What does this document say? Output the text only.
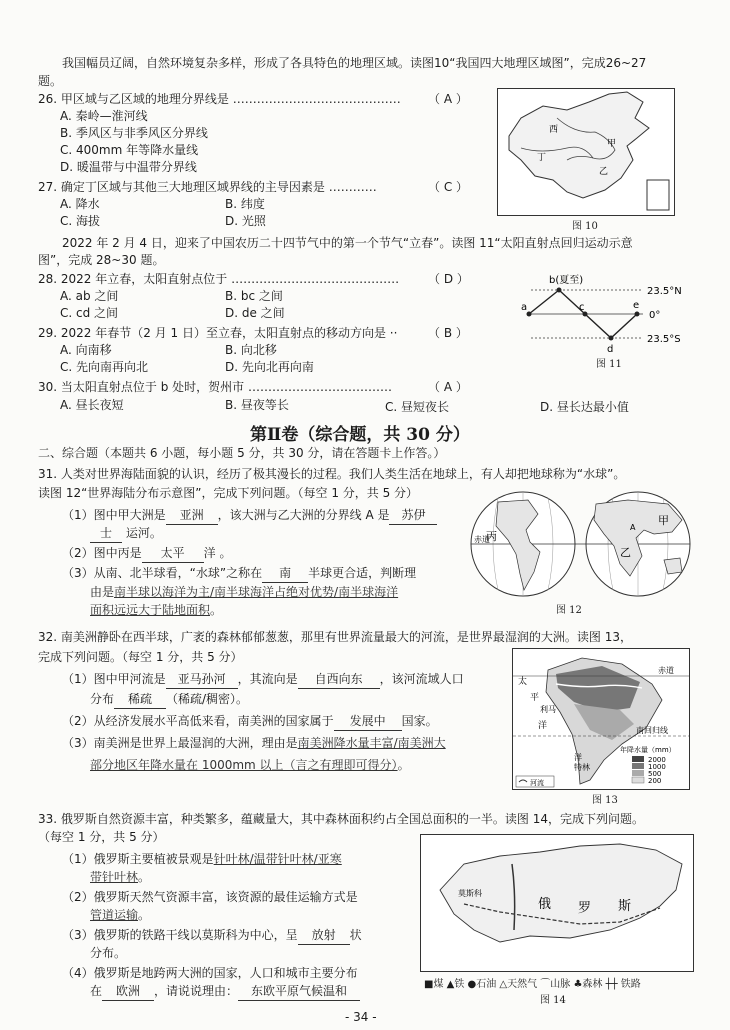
我国幅员辽阔，自然环境复杂多样，形成了各具特色的地理区域。读图10“我国四大地理区域图”，完成26~27
题。
26. 甲区域与乙区域的地理分界线是 …………………………………… （ A ）
A. 秦岭—淮河线
B. 季风区与非季风区分界线
C. 400mm 年等降水量线
D. 暖温带与中温带分界线
27. 确定丁区域与其他三大地理区域界线的主导因素是 …………	（ C ）
A. 降水	B. 纬度
C. 海拔	D. 光照
西
甲
丁
乙
图 10
2022 年 2 月 4 日，迎来了中国农历二十四节气中的第一个节气“立春”。读图 11“太阳直射点回归运动示意
图”，完成 28~30 题。
28. 2022 年立春，太阳直射点位于 …………………………………… （ D ）
A. ab 之间	B. bc 之间
C. cd 之间	D. de 之间
29. 2022 年春节（2 月 1 日）至立春，太阳直射点的移动方向是 ··	（ B ）
A. 向南移	B. 向北移
C. 先向南再向北	D. 先向北再向南
b(夏至)
a	c	e
d
23.5°N
0°
23.5°S
图 11
30. 当太阳直射点位于 b 处时，贺州市 ………………………………	（ A ）
A. 昼长夜短	B. 昼夜等长	C. 昼短夜长	D. 昼长达最小值
第Ⅱ卷（综合题，共 30 分）
二、综合题（本题共 6 小题，每小题 5 分，共 30 分，请在答题卡上作答。）
31. 人类对世界海陆面貌的认识，经历了极其漫长的过程。我们人类生活在地球上，有人却把地球称为“水球”。
读图 12“世界海陆分布示意图”，完成下列问题。（每空 1 分，共 5 分）
（1）图中甲大洲是 亚洲 ，该大洲与乙大洲的分界线 A 是 苏伊
士 运河。
（2）图中丙是 太平 洋 。
（3）从南、北半球看，“水球”之称在 南 半球更合适，判断理
由是南半球以海洋为主/南半球海洋占绝对优势/南半球海洋
面积远远大于陆地面积。
甲
丙
乙
赤道
A
图 12
32. 南美洲静卧在西半球，广袤的森林郁郁葱葱，那里有世界流量最大的河流，是世界最湿润的大洲。读图 13，
完成下列问题。（每空 1 分，共 5 分）
（1）图中甲河流是 亚马孙河 ，其流向是 自西向东 ，该河流域人口
分布 稀疏 （稀疏/稠密）。
（2）从经济发展水平高低来看，南美洲的国家属于 发展中 国家。
（3）南美洲是世界上最湿润的大洲，理由是南美洲降水量丰富/南美洲大
部分地区年降水量在 1000mm 以上（言之有理即可得分）。
赤道
太
平
利马
洋	南回归线
洋
特林
年降水量（mm）
2000
1000
500
200
河流
图 13
33. 俄罗斯自然资源丰富，种类繁多，蕴藏量大，其中森林面积约占全国总面积的一半。读图 14，完成下列问题。
（每空 1 分，共 5 分）
（1）俄罗斯主要植被景观是针叶林/温带针叶林/亚寒
带针叶林。
（2）俄罗斯天然气资源丰富，该资源的最佳运输方式是
管道运输。
（3）俄罗斯的铁路干线以莫斯科为中心，呈 放射 状
分布。
（4）俄罗斯是地跨两大洲的国家，人口和城市主要分布
在 欧洲 ，请说说理由： 东欧平原气候温和
莫斯科
俄 罗 斯
■煤 ▲铁 ●石油 △天然气 ⌒山脉 ♣森林 ┼┼ 铁路
图 14
- 34 -
